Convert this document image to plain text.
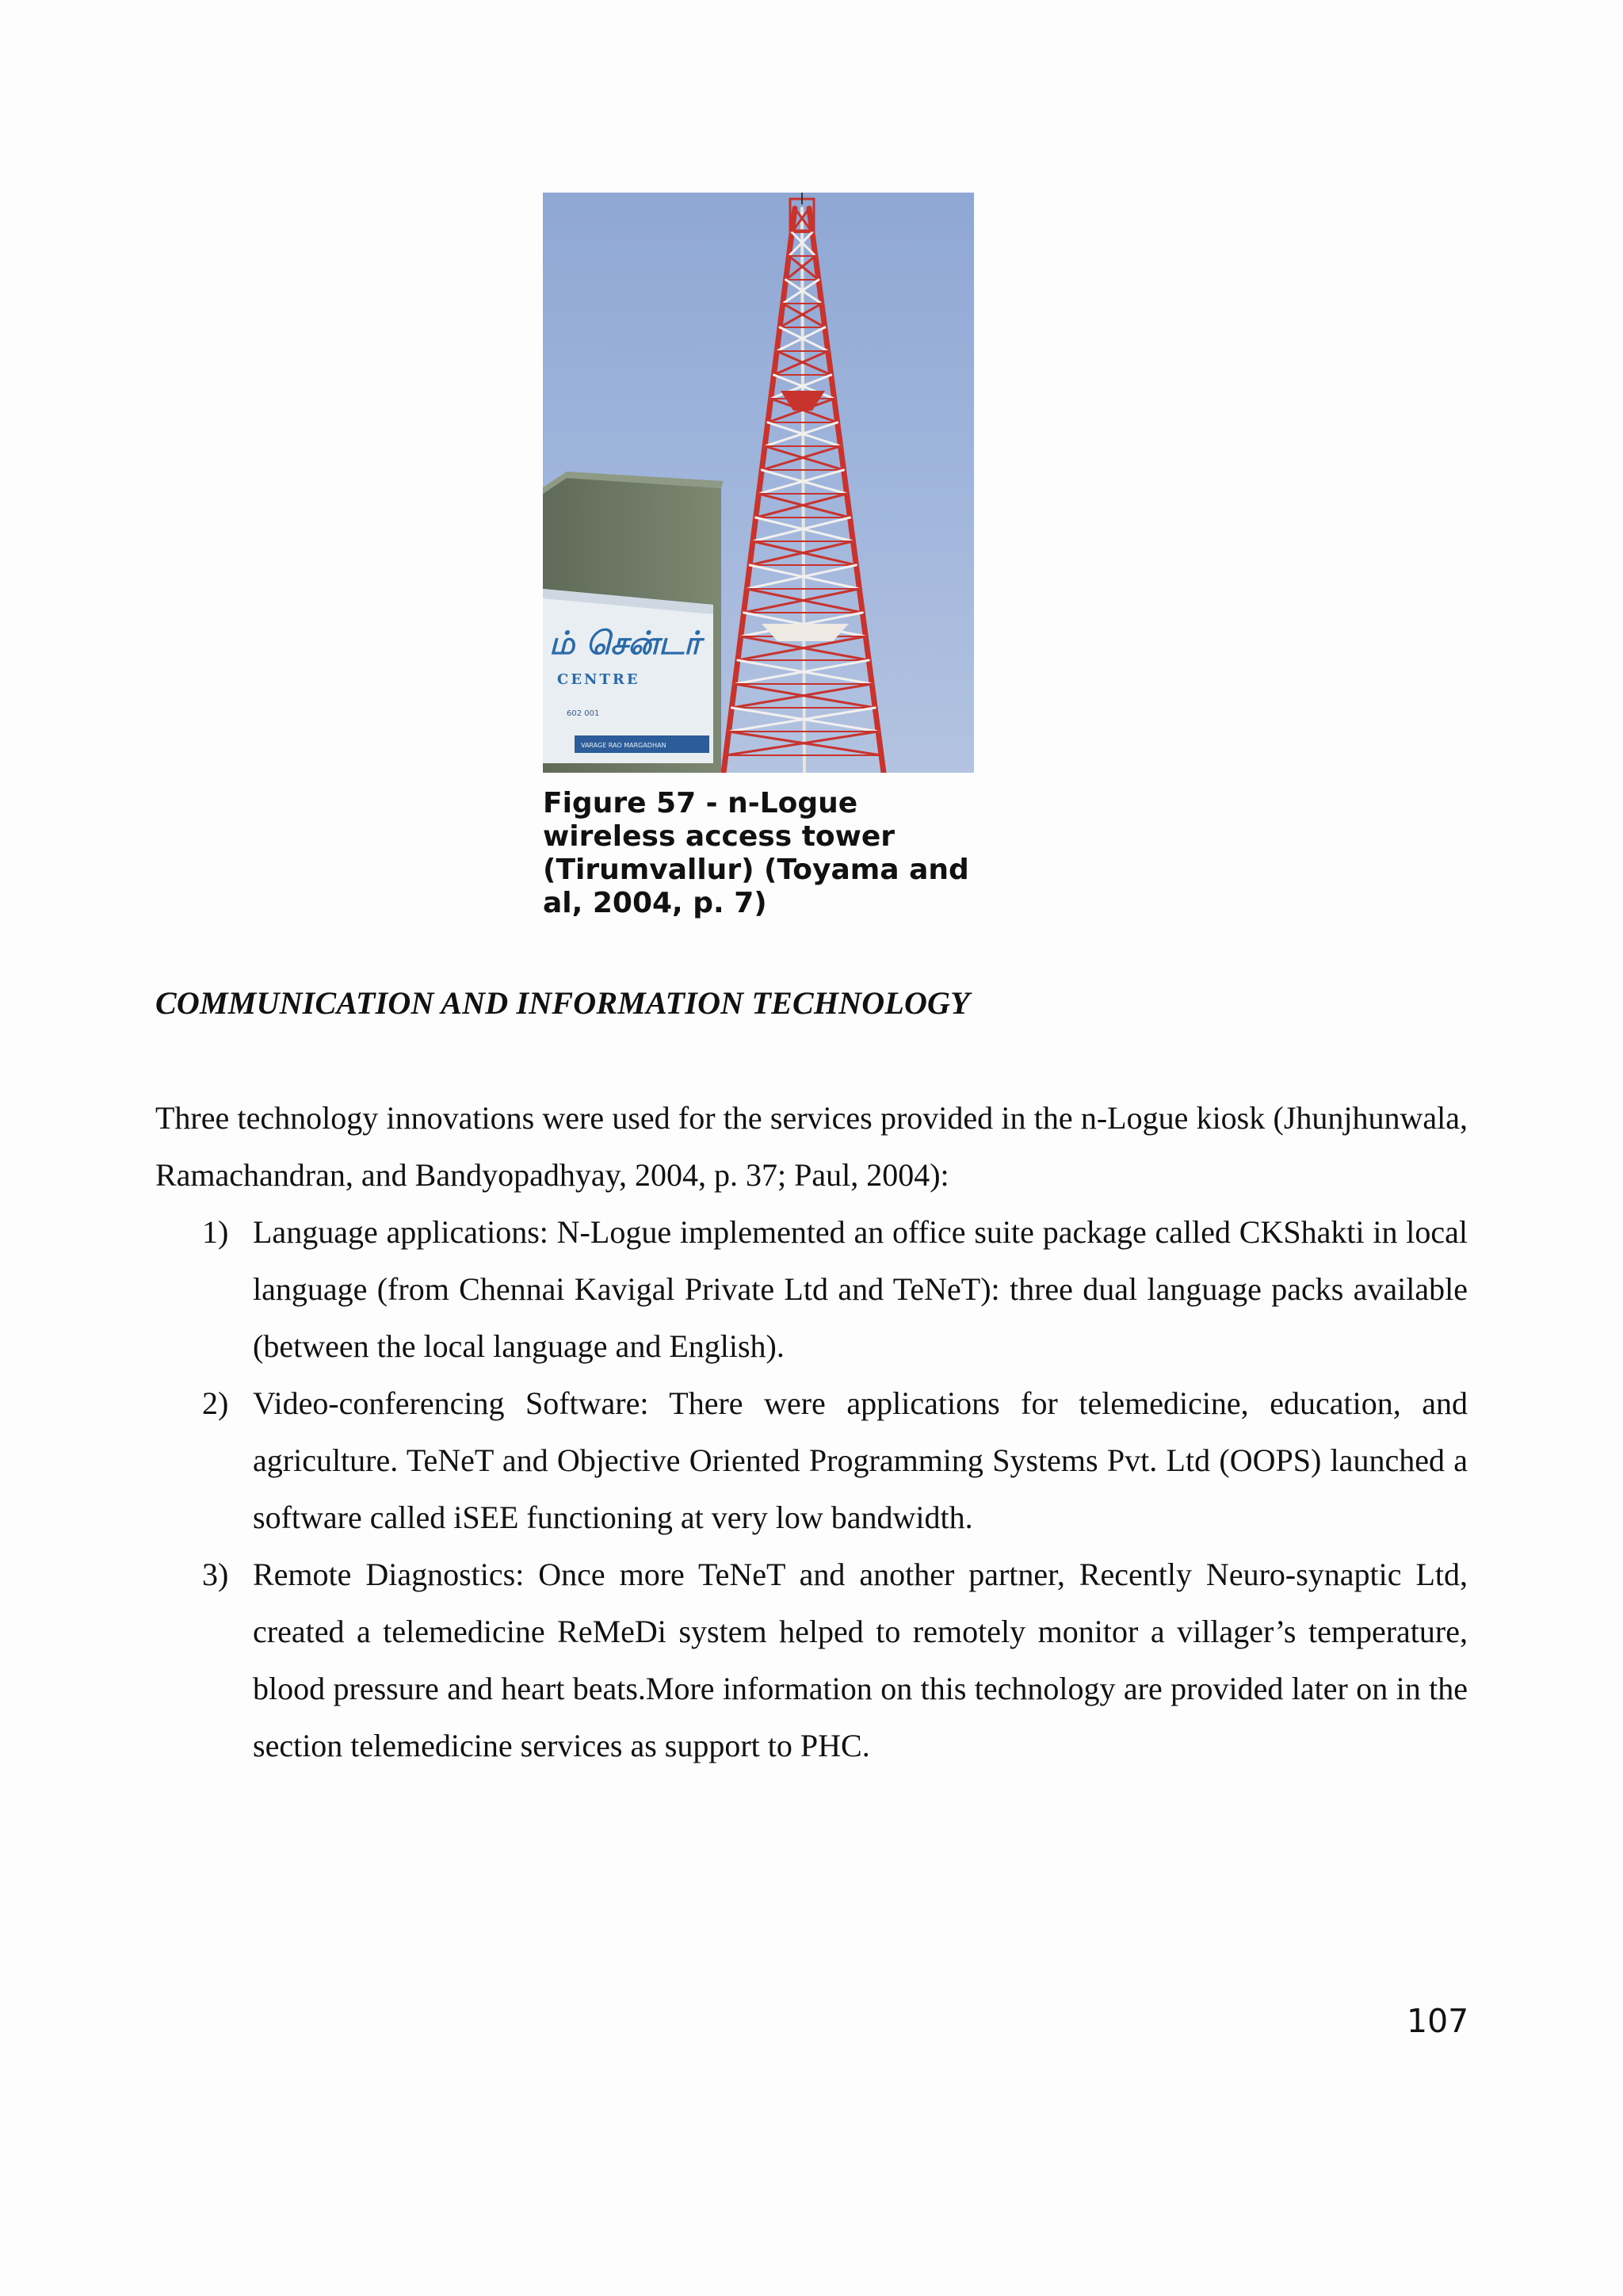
ம் சென்டர்
CENTRE
602 001
VARAGE RAO MARGADHAN
Figure 57 - n-Logue wireless access tower (Tirumvallur) (Toyama and al, 2004, p. 7)
COMMUNICATION AND INFORMATION TECHNOLOGY

Three technology innovations were used for the services provided in the n-Logue kiosk (Jhunjhunwala, Ramachandran, and Bandyopadhyay, 2004, p. 37; Paul, 2004):

1) Language applications: N-Logue implemented an office suite package called CKShakti in local language (from Chennai Kavigal Private Ltd and TeNeT): three dual language packs available (between the local language and English).
2) Video-conferencing Software: There were applications for telemedicine, education, and agriculture. TeNeT and Objective Oriented Programming Systems Pvt. Ltd (OOPS) launched a software called iSEE functioning at very low bandwidth.
3) Remote Diagnostics: Once more TeNeT and another partner, Recently Neuro-synaptic Ltd, created a telemedicine ReMeDi system helped to remotely monitor a villager’s temperature, blood pressure and heart beats.More information on this technology are provided later on in the section telemedicine services as support to PHC.
107
